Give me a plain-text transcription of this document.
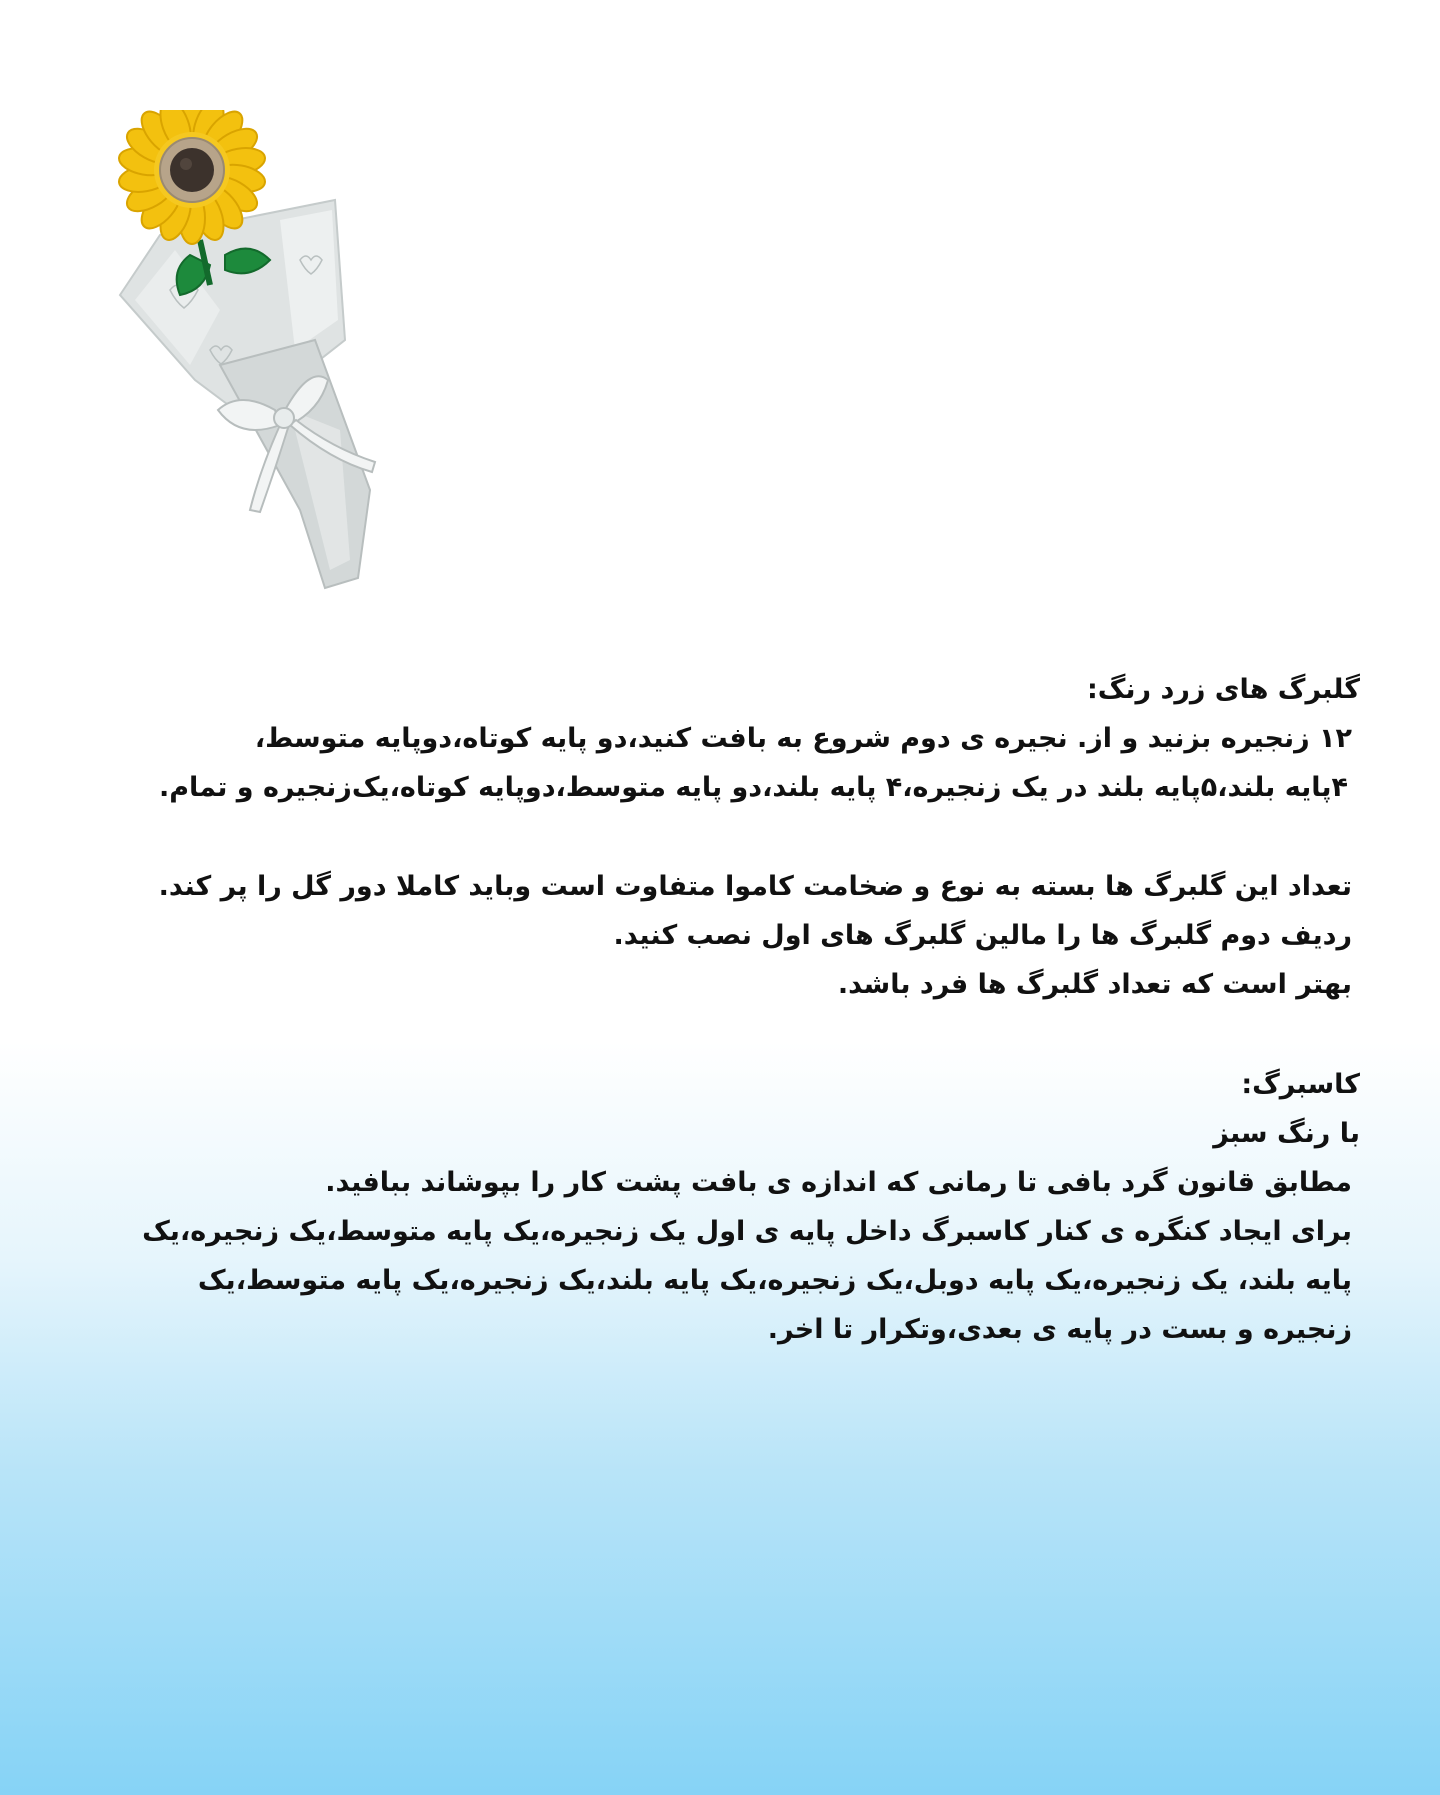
گلبرگ های زرد رنگ:

۱۲ زنجیره بزنید و از. نجیره ی دوم شروع به بافت کنید،دو پایه کوتاه،دوپایه متوسط،

۴پایه بلند،۵پایه بلند در یک زنجیره،۴ پایه بلند،دو پایه متوسط،دوپایه کوتاه،یک‌زنجیره و تمام.

تعداد این گلبرگ ها بسته به نوع و ضخامت کاموا متفاوت است وباید کاملا دور گل را پر کند.

ردیف دوم گلبرگ ها را مالین گلبرگ های اول نصب کنید.

بهتر است که تعداد گلبرگ ها فرد باشد.

کاسبرگ:

با رنگ سبز

مطابق قانون گرد بافی تا رمانی که اندازه ی بافت پشت کار را بپوشاند ببافید.

برای ایجاد کنگره ی کنار کاسبرگ داخل پایه ی اول یک زنجیره،یک پایه متوسط،یک زنجیره،یک پایه بلند، یک زنجیره،یک پایه دوبل،یک زنجیره،یک پایه بلند،یک زنجیره،یک پایه متوسط،یک زنجیره و بست در پایه ی بعدی،وتکرار تا اخر.
